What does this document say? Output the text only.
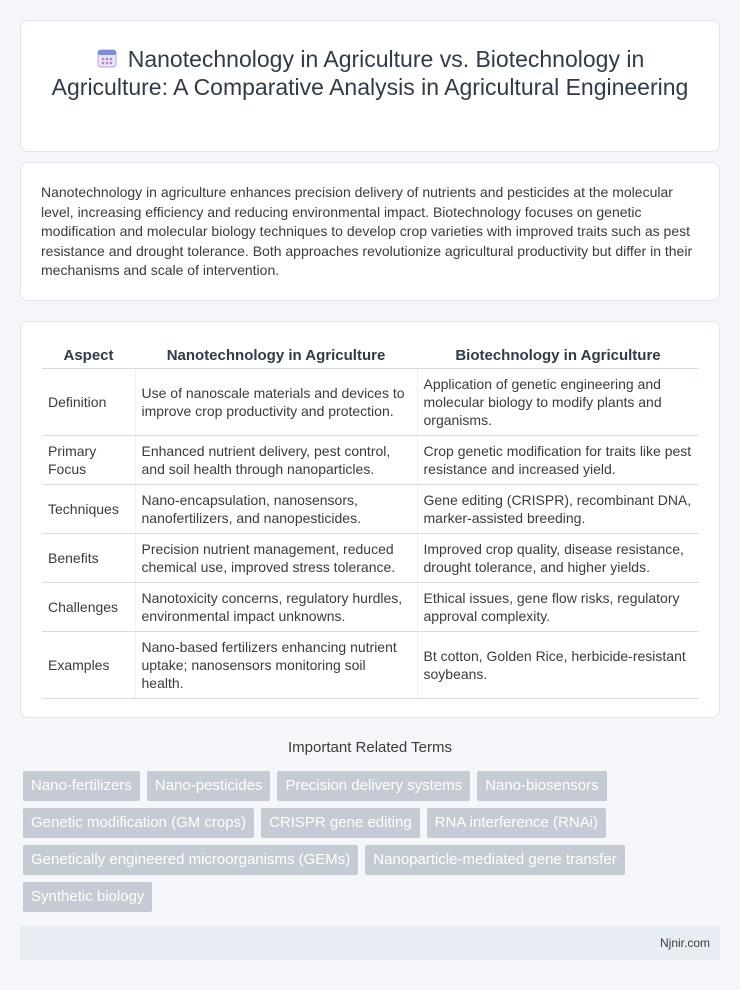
Nanotechnology in Agriculture vs. Biotechnology in Agriculture: A Comparative Analysis in Agricultural Engineering

Nanotechnology in agriculture enhances precision delivery of nutrients and pesticides at the molecular level, increasing efficiency and reducing environmental impact. Biotechnology focuses on genetic modification and molecular biology techniques to develop crop varieties with improved traits such as pest resistance and drought tolerance. Both approaches revolutionize agricultural productivity but differ in their mechanisms and scale of intervention.

Aspect	Nanotechnology in Agriculture	Biotechnology in Agriculture
Definition	Use of nanoscale materials and devices to improve crop productivity and protection.	Application of genetic engineering and molecular biology to modify plants and organisms.
Primary Focus	Enhanced nutrient delivery, pest control, and soil health through nanoparticles.	Crop genetic modification for traits like pest resistance and increased yield.
Techniques	Nano-encapsulation, nanosensors, nanofertilizers, and nanopesticides.	Gene editing (CRISPR), recombinant DNA, marker-assisted breeding.
Benefits	Precision nutrient management, reduced chemical use, improved stress tolerance.	Improved crop quality, disease resistance, drought tolerance, and higher yields.
Challenges	Nanotoxicity concerns, regulatory hurdles, environmental impact unknowns.	Ethical issues, gene flow risks, regulatory approval complexity.
Examples	Nano-based fertilizers enhancing nutrient uptake; nanosensors monitoring soil health.	Bt cotton, Golden Rice, herbicide-resistant soybeans.
Important Related Terms
Nano-fertilizers	Nano-pesticides	Precision delivery systems	Nano-biosensors
Genetic modification (GM crops)	CRISPR gene editing	RNA interference (RNAi)
Genetically engineered microorganisms (GEMs)	Nanoparticle-mediated gene transfer
Synthetic biology
Njnir.com
